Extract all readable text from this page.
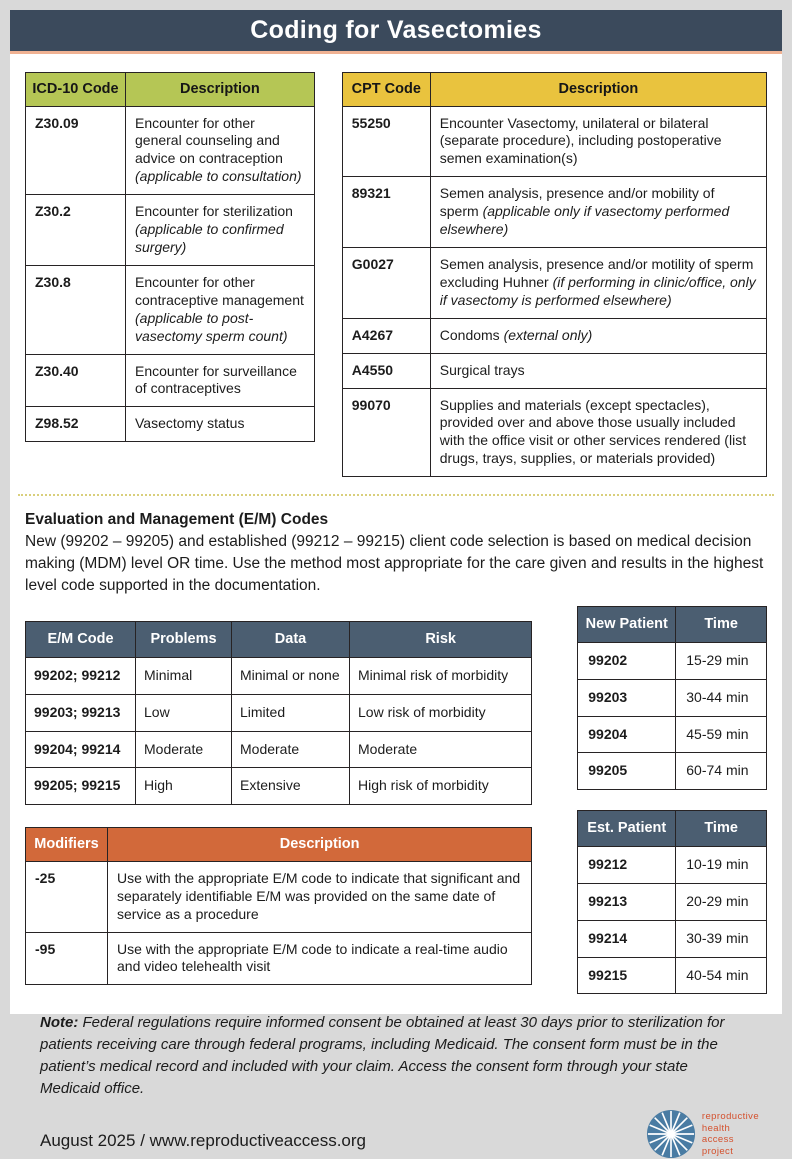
Coding for Vasectomies
ICD-10 Code	Description
Z30.09	Encounter for other general counseling and advice on contraception (applicable to consultation)
Z30.2	Encounter for sterilization (applicable to confirmed surgery)
Z30.8	Encounter for other contraceptive management (applicable to post-vasectomy sperm count)
Z30.40	Encounter for surveillance of contraceptives
Z98.52	Vasectomy status
CPT Code	Description
55250	Encounter Vasectomy, unilateral or bilateral (separate procedure), including postoperative semen examination(s)
89321	Semen analysis, presence and/or mobility of sperm (applicable only if vasectomy performed elsewhere)
G0027	Semen analysis, presence and/or motility of sperm excluding Huhner (if performing in clinic/office, only if vasectomy is performed elsewhere)
A4267	Condoms (external only)
A4550	Surgical trays
99070	Supplies and materials (except spectacles), provided over and above those usually included with the office visit or other services rendered (list drugs, trays, supplies, or materials provided)
Evaluation and Management (E/M) Codes

New (99202 – 99205) and established (99212 – 99215) client code selection is based on medical decision making (MDM) level OR time. Use the method most appropriate for the care given and results in the highest level code supported in the documentation.

E/M Code	Problems	Data	Risk
99202; 99212	Minimal	Minimal or none	Minimal risk of morbidity
99203; 99213	Low	Limited	Low risk of morbidity
99204; 99214	Moderate	Moderate	Moderate
99205; 99215	High	Extensive	High risk of morbidity
Modifiers	Description
-25	Use with the appropriate E/M code to indicate that significant and separately identifiable E/M was provided on the same date of service as a procedure
-95	Use with the appropriate E/M code to indicate a real-time audio and video telehealth visit
New Patient	Time
99202	15-29 min
99203	30-44 min
99204	45-59 min
99205	60-74 min
Est. Patient	Time
99212	10-19 min
99213	20-29 min
99214	30-39 min
99215	40-54 min

Note: Federal regulations require informed consent be obtained at least 30 days prior to sterilization for patients receiving care through federal programs, including Medicaid. The consent form must be in the patient’s medical record and included with your claim. Access the consent form through your state Medicaid office.

August 2025 / www.reproductiveaccess.org
reproductive
health
access
project
